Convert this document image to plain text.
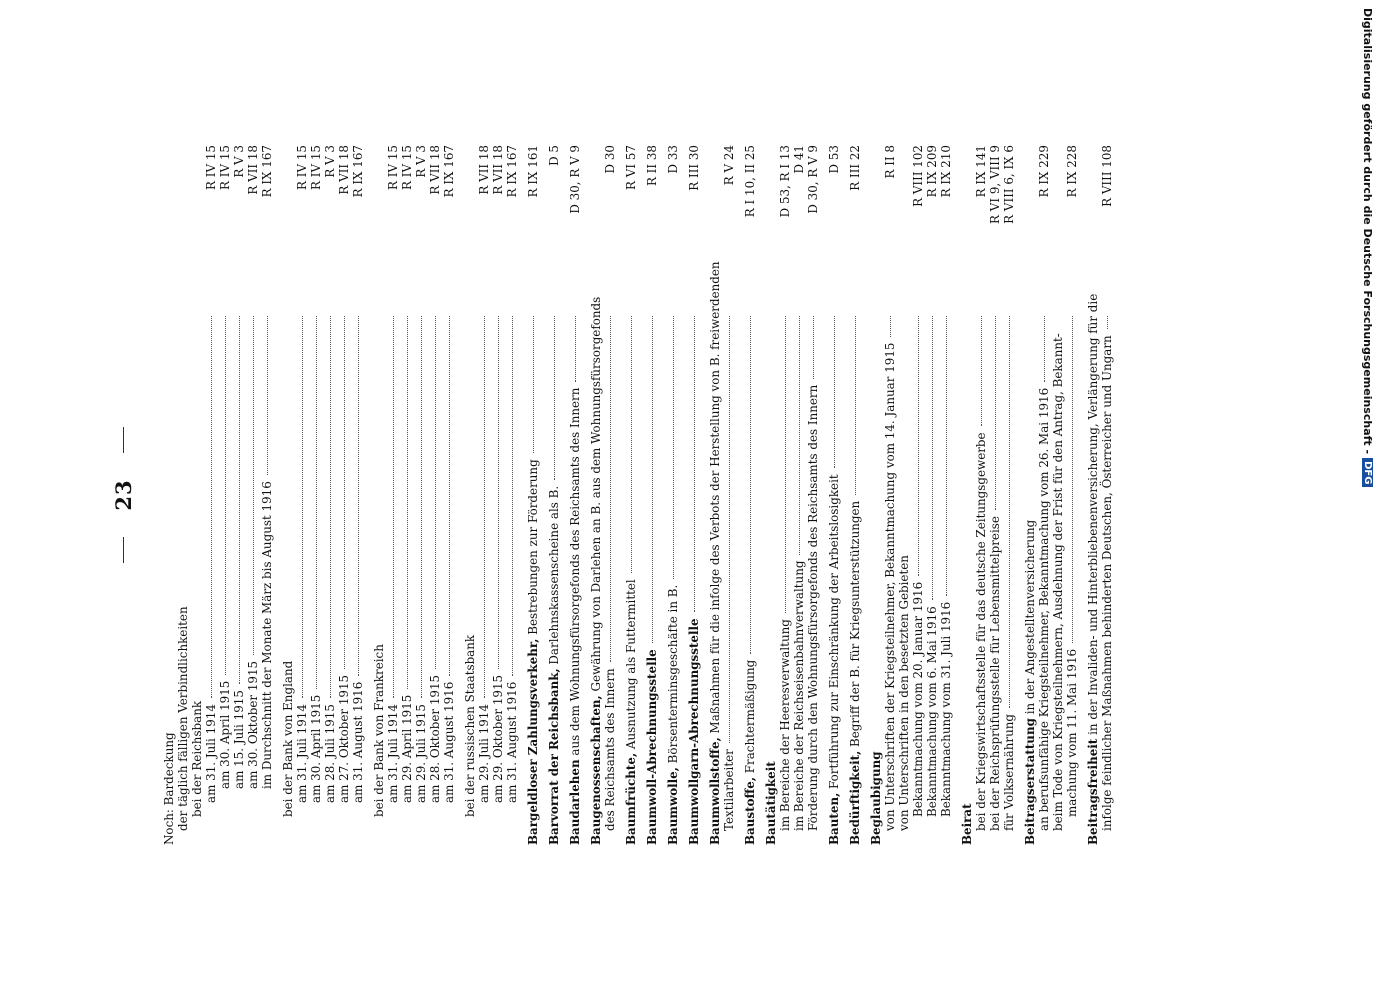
23
Noch: Bardeckung der täglich fälligen Verbindlichkeiten bei der Reichsbank am 31. Juli 1914
R IV 15
am 30. April 1915
R IV 15
am 15. Juli 1915
R V 3
am 30. Oktober 1915
R VII 18
im Durchschnitt der Monate März bis August 1916
R IX 167
bei der Bank von England am 31. Juli 1914
R IV 15
am 30. April 1915
R IV 15
am 28. Juli 1915
R V 3
am 27. Oktober 1915
R VII 18
am 31. August 1916
R IX 167
bei der Bank von Frankreich am 31. Juli 1914
R IV 15
am 29. April 1915
R IV 15
am 29. Juli 1915
R V 3
am 28. Oktober 1915
R VII 18
am 31. August 1916
R IX 167
bei der russischen Staatsbank am 29. Juli 1914
R VII 18
am 29. Oktober 1915
R VII 18
am 31. August 1916
R IX 167
Bargeldloser Zahlungsverkehr, Bestrebungen zur Förderung
R IX 161
Barvorrat der Reichsbank, Darlehnskassenscheine als B.
D 5
Baudarlehen aus dem Wohnungsfürsorgefonds des Reichsamts des Innern
D 30, R V 9
Baugenossenschaften, Gewährung von Darlehen an B. aus dem Wohnungsfürsorgefonds
des Reichsamts des Innern
D 30
Baumfrüchte, Ausnutzung als Futtermittel
R VI 57
Baumwoll-Abrechnungsstelle
R II 38
Baumwolle, Börsenterminsgeschäfte in B.
D 33
Baumwollgarn-Abrechnungsstelle
R III 30
Baumwollstoffe, Maßnahmen für die infolge des Verbots der Herstellung von B. freiwerdenden
Textilarbeiter
R V 24
Baustoffe, Frachtermäßigung
R I 10, II 25
Bautätigkeit im Bereiche der Heeresverwaltung
D 53, R I 13
im Bereiche der Reichseisenbahnverwaltung
D 41
Förderung durch den Wohnungsfürsorgefonds des Reichsamts des Innern
D 30, R V 9
Bauten, Fortführung zur Einschränkung der Arbeitslosigkeit
D 53
Bedürftigkeit, Begriff der B. für Kriegsunterstützungen
R III 22
Beglaubigung von Unterschriften der Kriegsteilnehmer, Bekanntmachung vom 14. Januar 1915
R II 8
von Unterschriften in den besetzten Gebieten Bekanntmachung vom 20. Januar 1916
R VIII 102
Bekanntmachung vom 6. Mai 1916
R IX 209
Bekanntmachung vom 31. Juli 1916
R IX 210
Beirat bei der Kriegswirtschaftsstelle für das deutsche Zeitungsgewerbe
R IX 141
bei der Reichsprüfungsstelle für Lebensmittelpreise
R VI 9, VIII 9
für Volksernährung
R VIII 6, IX 6
Beitragserstattung in der Angestelltenversicherung an berufsunfähige Kriegsteilnehmer, Bekanntmachung vom 26. Mai 1916
R IX 229
beim Tode von Kriegsteilnehmern, Ausdehnung der Frist für den Antrag, Bekannt- machung vom 11. Mai 1916
R IX 228
Beitragsfreiheit in der Invaliden- und Hinterbliebenenversicherung, Verlängerung für die infolge feindlicher Maßnahmen behinderten Deutschen, Österreicher und Ungarn
R VIII 108	Digitalisierung gefördert durch die Deutsche Forschungsgemeinschaft -
DFG
